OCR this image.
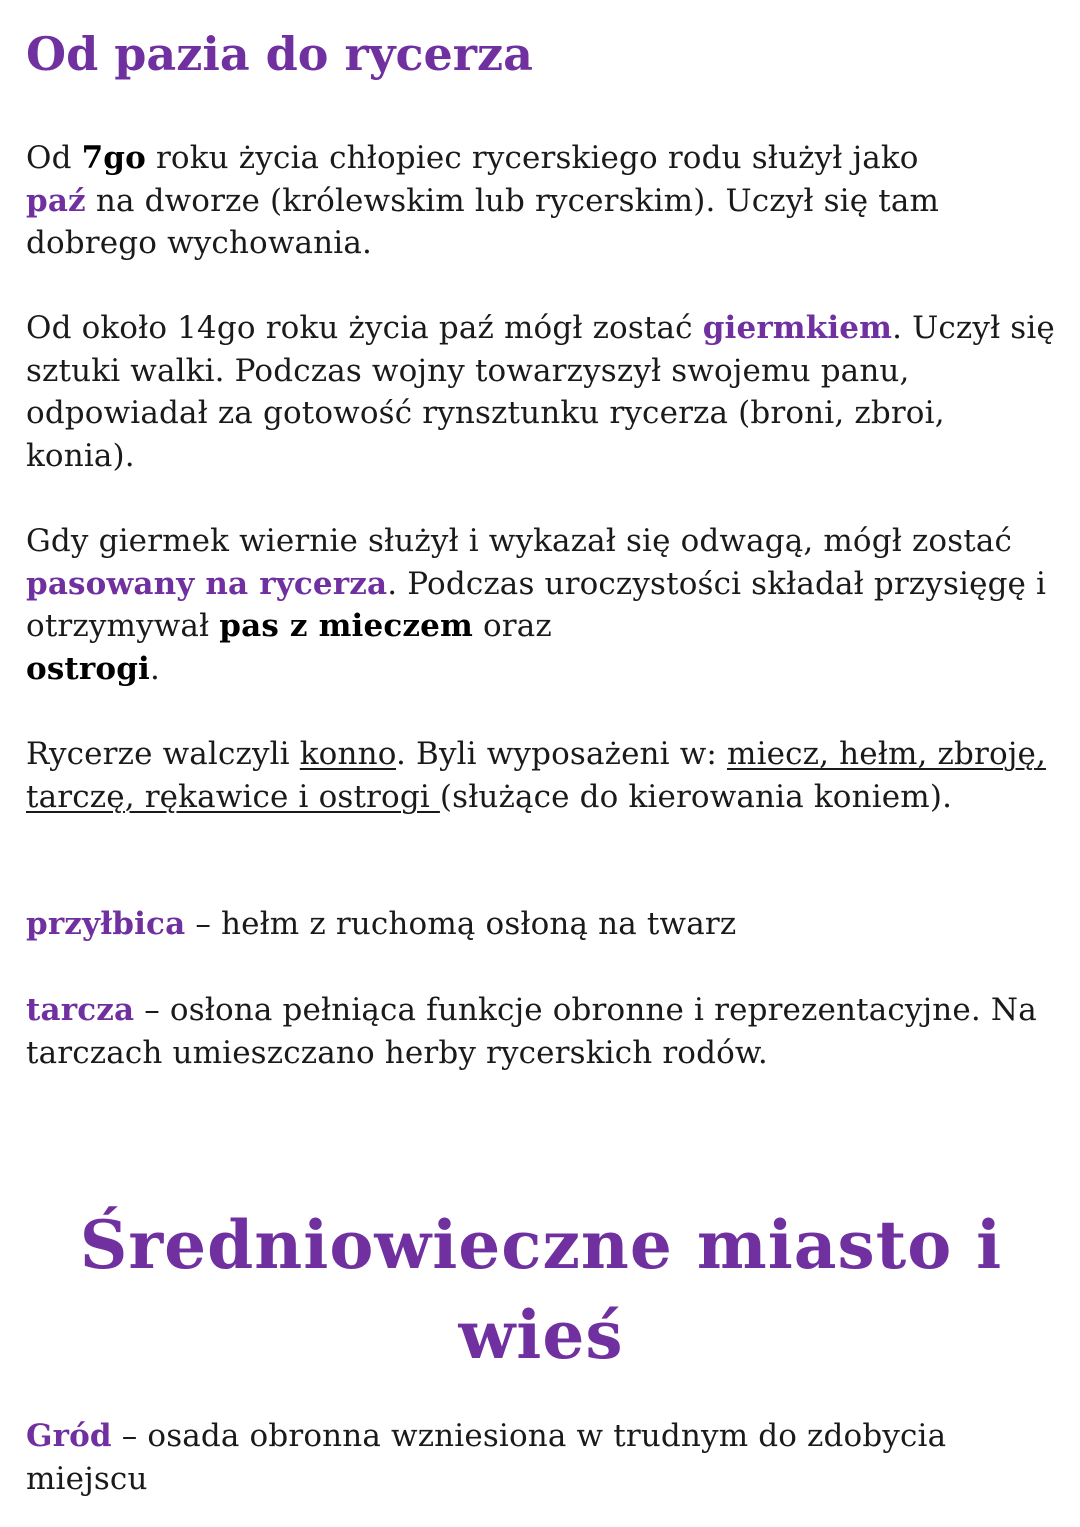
Od pazia do rycerza

Od 7go roku życia chłopiec rycerskiego rodu służył jako
paź na dworze (królewskim lub rycerskim). Uczył się tam dobrego wychowania.

Od około 14go roku życia paź mógł zostać giermkiem. Uczył się sztuki walki. Podczas wojny towarzyszył swojemu panu, odpowiadał za gotowość rynsztunku rycerza (broni, zbroi, konia).

Gdy giermek wiernie służył i wykazał się odwagą, mógł zostać pasowany na rycerza. Podczas uroczystości składał przysięgę i otrzymywał pas z mieczem oraz
ostrogi.

Rycerze walczyli konno. Byli wyposażeni w: miecz, hełm, zbroję, tarczę, rękawice i ostrogi (służące do kierowania koniem).

przyłbica – hełm z ruchomą osłoną na twarz

tarcza – osłona pełniąca funkcje obronne i reprezentacyjne. Na tarczach umieszczano herby rycerskich rodów.

Średniowieczne miasto i wieś

Gród – osada obronna wzniesiona w trudnym do zdobycia miejscu
